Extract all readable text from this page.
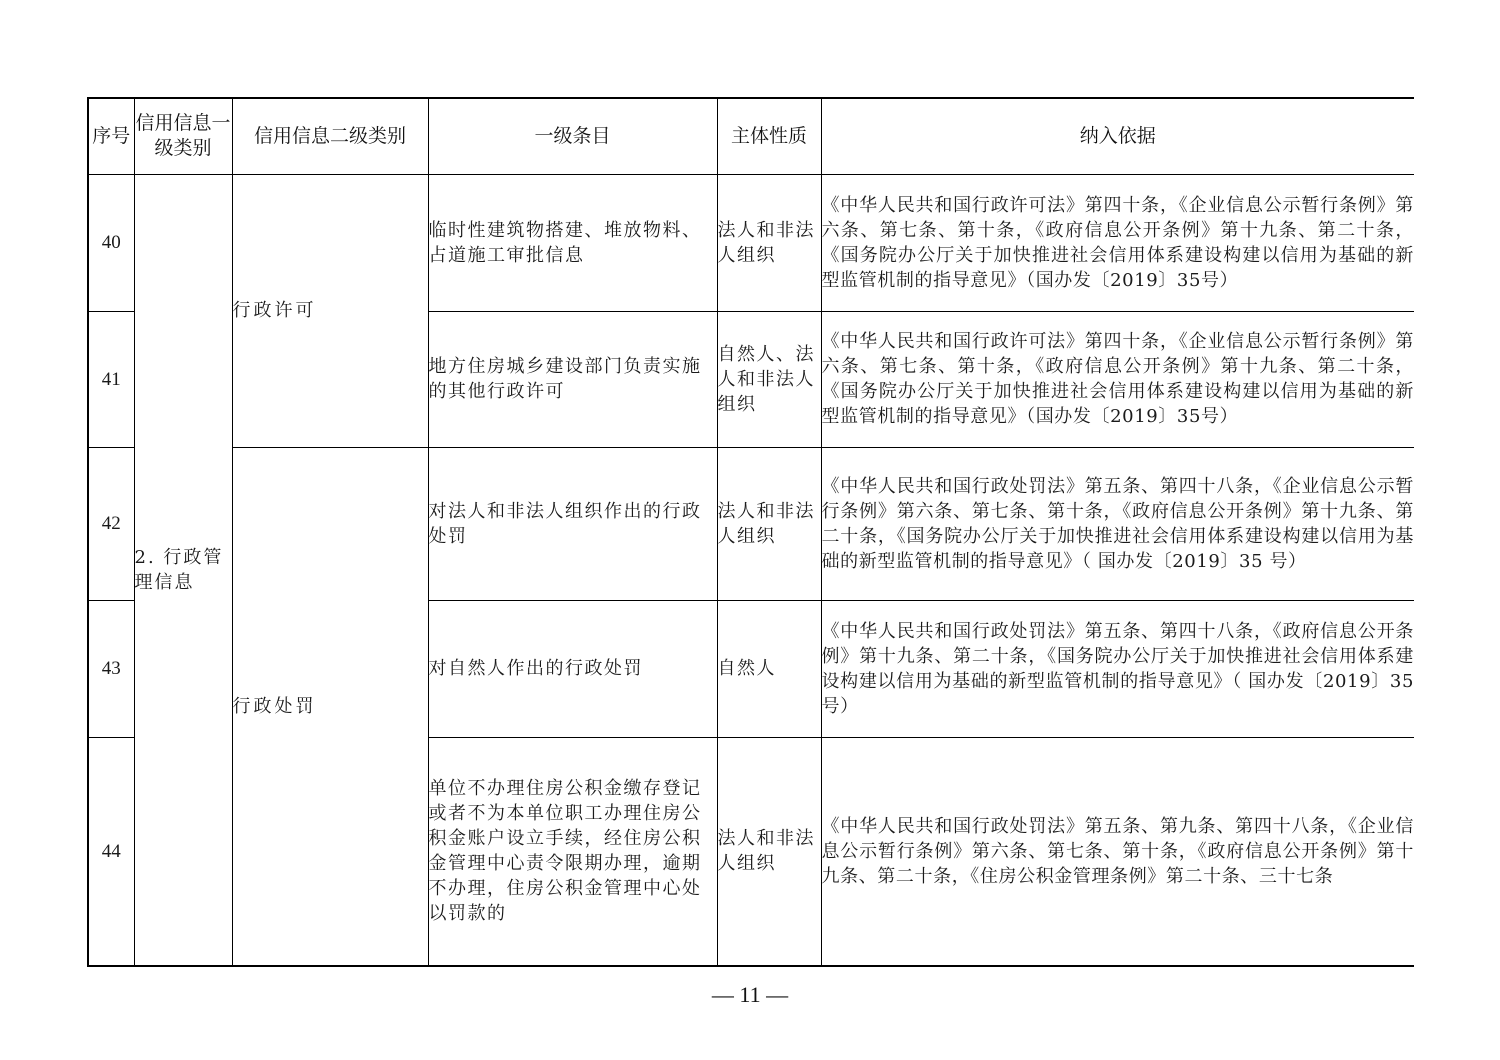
序号	信用信息一级类别	信用信息二级类别	一级条目	主体性质	纳入依据
40	2. 行政管理信息	行政许可	临时性建筑物搭建、堆放物料、占道施工审批信息	法人和非法人组织	《中华人民共和国行政许可法》第四十条，《企业信息公示暂行条例》第六条、第七条、第十条，《政府信息公开条例》第十九条、第二十条，《国务院办公厅关于加快推进社会信用体系建设构建以信用为基础的新型监管机制的指导意见》（国办发〔2019〕35号）
41			地方住房城乡建设部门负责实施的其他行政许可	自然人、法人和非法人组织	《中华人民共和国行政许可法》第四十条，《企业信息公示暂行条例》第六条、第七条、第十条，《政府信息公开条例》第十九条、第二十条，《国务院办公厅关于加快推进社会信用体系建设构建以信用为基础的新型监管机制的指导意见》（国办发〔2019〕35号）
42		行政处罚	对法人和非法人组织作出的行政处罚	法人和非法人组织	《中华人民共和国行政处罚法》第五条、第四十八条，《企业信息公示暂行条例》第六条、第七条、第十条，《政府信息公开条例》第十九条、第二十条，《国务院办公厅关于加快推进社会信用体系建设构建以信用为基础的新型监管机制的指导意见》（ 国办发〔2019〕35 号）
43			对自然人作出的行政处罚	自然人	《中华人民共和国行政处罚法》第五条、第四十八条，《政府信息公开条例》第十九条、第二十条，《国务院办公厅关于加快推进社会信用体系建设构建以信用为基础的新型监管机制的指导意见》（ 国办发〔2019〕35 号）
44			单位不办理住房公积金缴存登记或者不为本单位职工办理住房公积金账户设立手续，经住房公积金管理中心责令限期办理，逾期不办理，住房公积金管理中心处以罚款的	法人和非法人组织	《中华人民共和国行政处罚法》第五条、第九条、第四十八条，《企业信息公示暂行条例》第六条、第七条、第十条，《政府信息公开条例》第十九条、第二十条，《住房公积金管理条例》第二十条、三十七条
— 11 —
